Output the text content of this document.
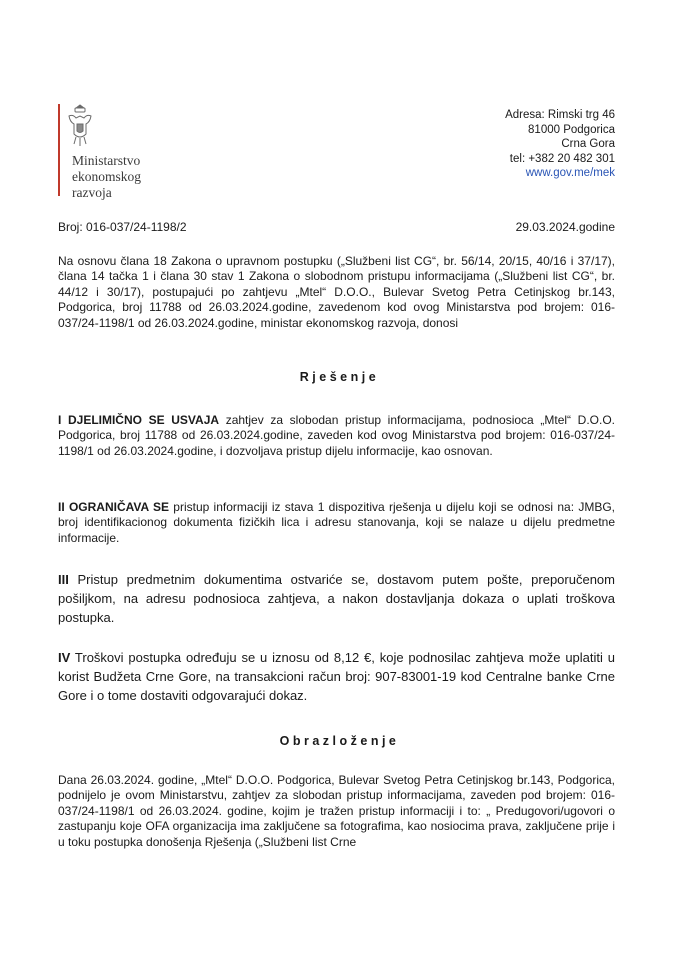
Ministarstvo
ekonomskog
razvoja
Adresa: Rimski trg 46
81000 Podgorica
Crna Gora
tel: +382 20 482 301
www.gov.me/mek
Broj: 016-037/24-1198/2	29.03.2024.godine
Na osnovu člana 18 Zakona o upravnom postupku („Službeni list CG“, br. 56/14, 20/15, 40/16 i 37/17), člana 14 tačka 1 i člana 30 stav 1 Zakona o slobodnom pristupu informacijama („Službeni list CG“, br. 44/12 i 30/17), postupajući po zahtjevu „Mtel“ D.O.O., Bulevar Svetog Petra Cetinjskog br.143, Podgorica, broj 11788 od 26.03.2024.godine, zavedenom kod ovog Ministarstva pod brojem: 016-037/24-1198/1 od 26.03.2024.godine, ministar ekonomskog razvoja, donosi
Rješenje
I DJELIMIČNO SE USVAJA zahtjev za slobodan pristup informacijama, podnosioca „Mtel“ D.O.O. Podgorica, broj 11788 od 26.03.2024.godine, zaveden kod ovog Ministarstva pod brojem: 016-037/24-1198/1 od 26.03.2024.godine, i dozvoljava pristup dijelu informacije, kao osnovan.
II OGRANIČAVA SE pristup informaciji iz stava 1 dispozitiva rješenja u dijelu koji se odnosi na: JMBG, broj identifikacionog dokumenta fizičkih lica i adresu stanovanja, koji se nalaze u dijelu predmetne informacije.
III Pristup predmetnim dokumentima ostvariće se, dostavom putem pošte, preporučenom pošiljkom, na adresu podnosioca zahtjeva, a nakon dostavljanja dokaza o uplati troškova postupka.
IV Troškovi postupka određuju se u iznosu od 8,12 €, koje podnosilac zahtjeva može uplatiti u korist Budžeta Crne Gore, na transakcioni račun broj: 907-83001-19 kod Centralne banke Crne Gore i o tome dostaviti odgovarajući dokaz.
Obrazloženje
Dana 26.03.2024. godine, „Mtel“ D.O.O. Podgorica, Bulevar Svetog Petra Cetinjskog br.143, Podgorica, podnijelo je ovom Ministarstvu, zahtjev za slobodan pristup informacijama, zaveden pod brojem: 016-037/24-1198/1 od 26.03.2024. godine, kojim je tražen pristup informaciji i to: „ Predugovori/ugovori o zastupanju koje OFA organizacija ima zaključene sa fotografima, kao nosiocima prava, zaključene prije i u toku postupka donošenja Rješenja („Službeni list Crne
